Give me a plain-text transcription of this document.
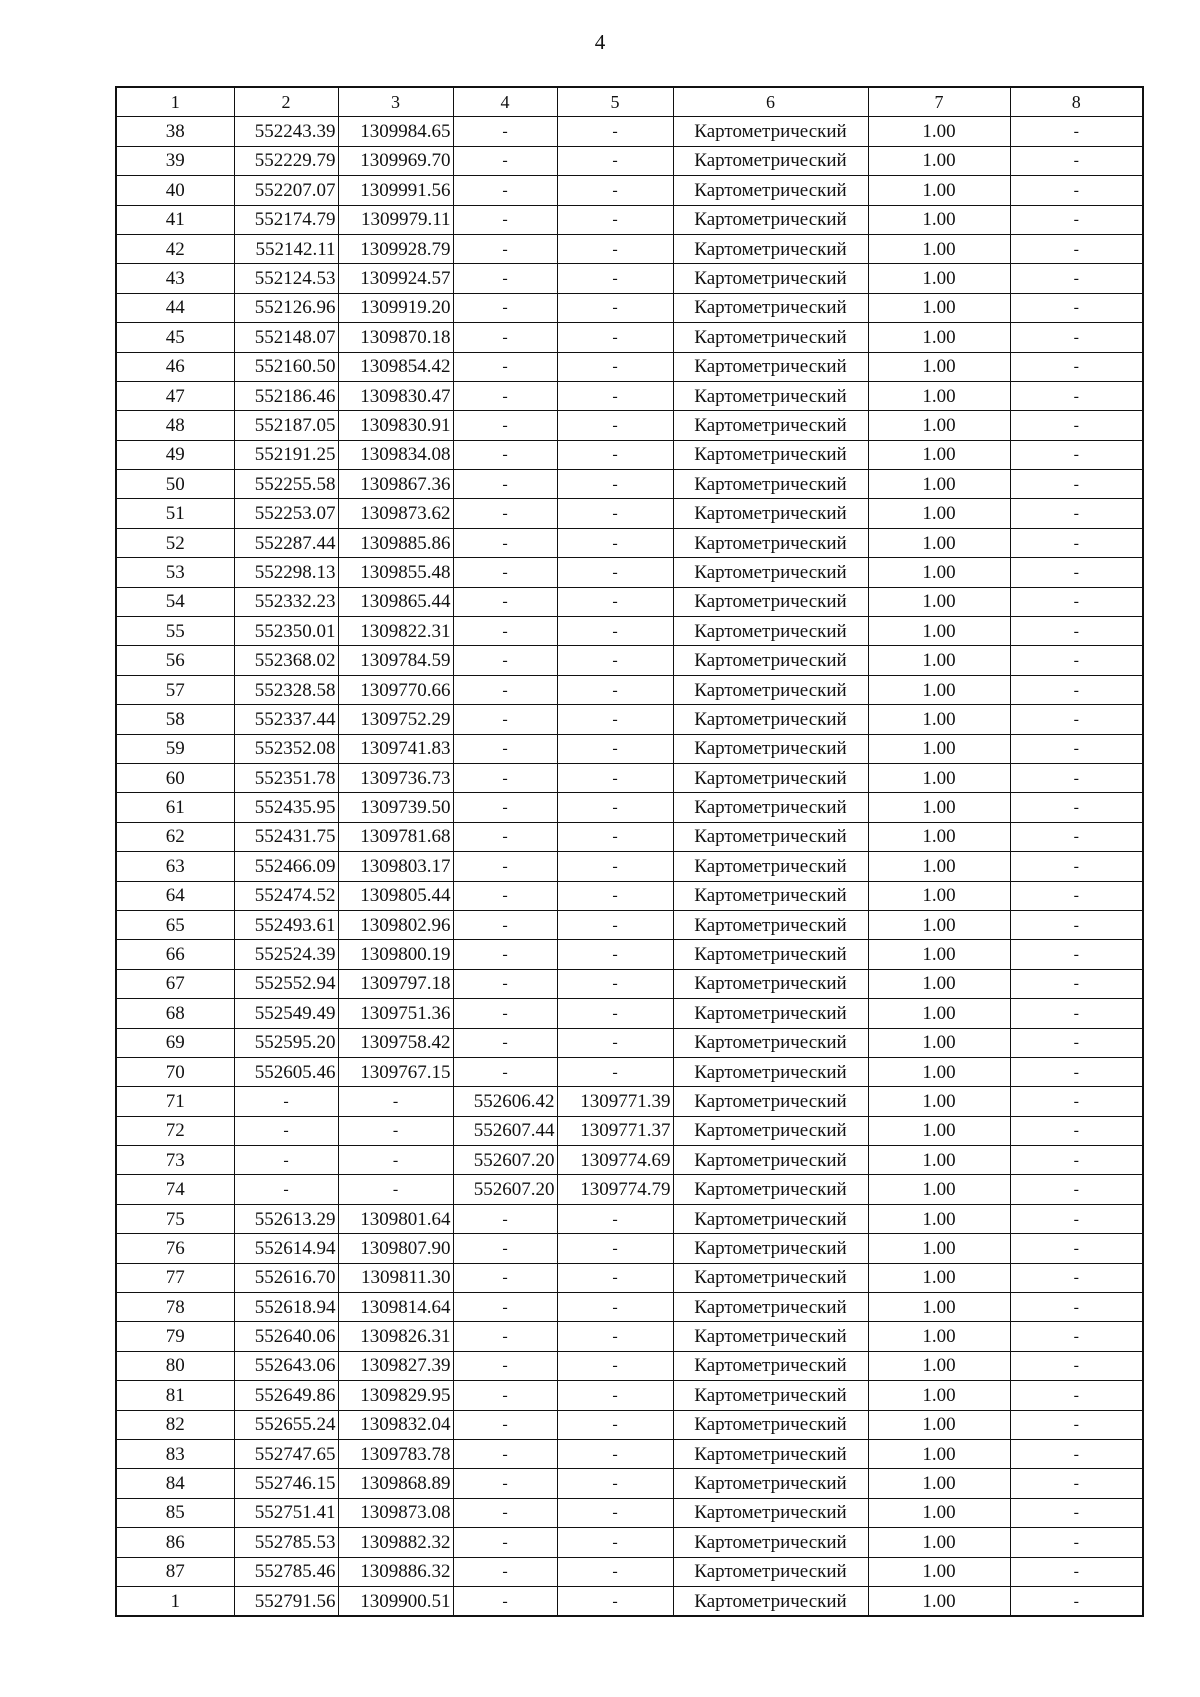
4
1	2	3	4	5	6	7	8
38	552243.39	1309984.65	-	-	Картометрический	1.00	-
39	552229.79	1309969.70	-	-	Картометрический	1.00	-
40	552207.07	1309991.56	-	-	Картометрический	1.00	-
41	552174.79	1309979.11	-	-	Картометрический	1.00	-
42	552142.11	1309928.79	-	-	Картометрический	1.00	-
43	552124.53	1309924.57	-	-	Картометрический	1.00	-
44	552126.96	1309919.20	-	-	Картометрический	1.00	-
45	552148.07	1309870.18	-	-	Картометрический	1.00	-
46	552160.50	1309854.42	-	-	Картометрический	1.00	-
47	552186.46	1309830.47	-	-	Картометрический	1.00	-
48	552187.05	1309830.91	-	-	Картометрический	1.00	-
49	552191.25	1309834.08	-	-	Картометрический	1.00	-
50	552255.58	1309867.36	-	-	Картометрический	1.00	-
51	552253.07	1309873.62	-	-	Картометрический	1.00	-
52	552287.44	1309885.86	-	-	Картометрический	1.00	-
53	552298.13	1309855.48	-	-	Картометрический	1.00	-
54	552332.23	1309865.44	-	-	Картометрический	1.00	-
55	552350.01	1309822.31	-	-	Картометрический	1.00	-
56	552368.02	1309784.59	-	-	Картометрический	1.00	-
57	552328.58	1309770.66	-	-	Картометрический	1.00	-
58	552337.44	1309752.29	-	-	Картометрический	1.00	-
59	552352.08	1309741.83	-	-	Картометрический	1.00	-
60	552351.78	1309736.73	-	-	Картометрический	1.00	-
61	552435.95	1309739.50	-	-	Картометрический	1.00	-
62	552431.75	1309781.68	-	-	Картометрический	1.00	-
63	552466.09	1309803.17	-	-	Картометрический	1.00	-
64	552474.52	1309805.44	-	-	Картометрический	1.00	-
65	552493.61	1309802.96	-	-	Картометрический	1.00	-
66	552524.39	1309800.19	-	-	Картометрический	1.00	-
67	552552.94	1309797.18	-	-	Картометрический	1.00	-
68	552549.49	1309751.36	-	-	Картометрический	1.00	-
69	552595.20	1309758.42	-	-	Картометрический	1.00	-
70	552605.46	1309767.15	-	-	Картометрический	1.00	-
71	-	-	552606.42	1309771.39	Картометрический	1.00	-
72	-	-	552607.44	1309771.37	Картометрический	1.00	-
73	-	-	552607.20	1309774.69	Картометрический	1.00	-
74	-	-	552607.20	1309774.79	Картометрический	1.00	-
75	552613.29	1309801.64	-	-	Картометрический	1.00	-
76	552614.94	1309807.90	-	-	Картометрический	1.00	-
77	552616.70	1309811.30	-	-	Картометрический	1.00	-
78	552618.94	1309814.64	-	-	Картометрический	1.00	-
79	552640.06	1309826.31	-	-	Картометрический	1.00	-
80	552643.06	1309827.39	-	-	Картометрический	1.00	-
81	552649.86	1309829.95	-	-	Картометрический	1.00	-
82	552655.24	1309832.04	-	-	Картометрический	1.00	-
83	552747.65	1309783.78	-	-	Картометрический	1.00	-
84	552746.15	1309868.89	-	-	Картометрический	1.00	-
85	552751.41	1309873.08	-	-	Картометрический	1.00	-
86	552785.53	1309882.32	-	-	Картометрический	1.00	-
87	552785.46	1309886.32	-	-	Картометрический	1.00	-
1	552791.56	1309900.51	-	-	Картометрический	1.00	-
